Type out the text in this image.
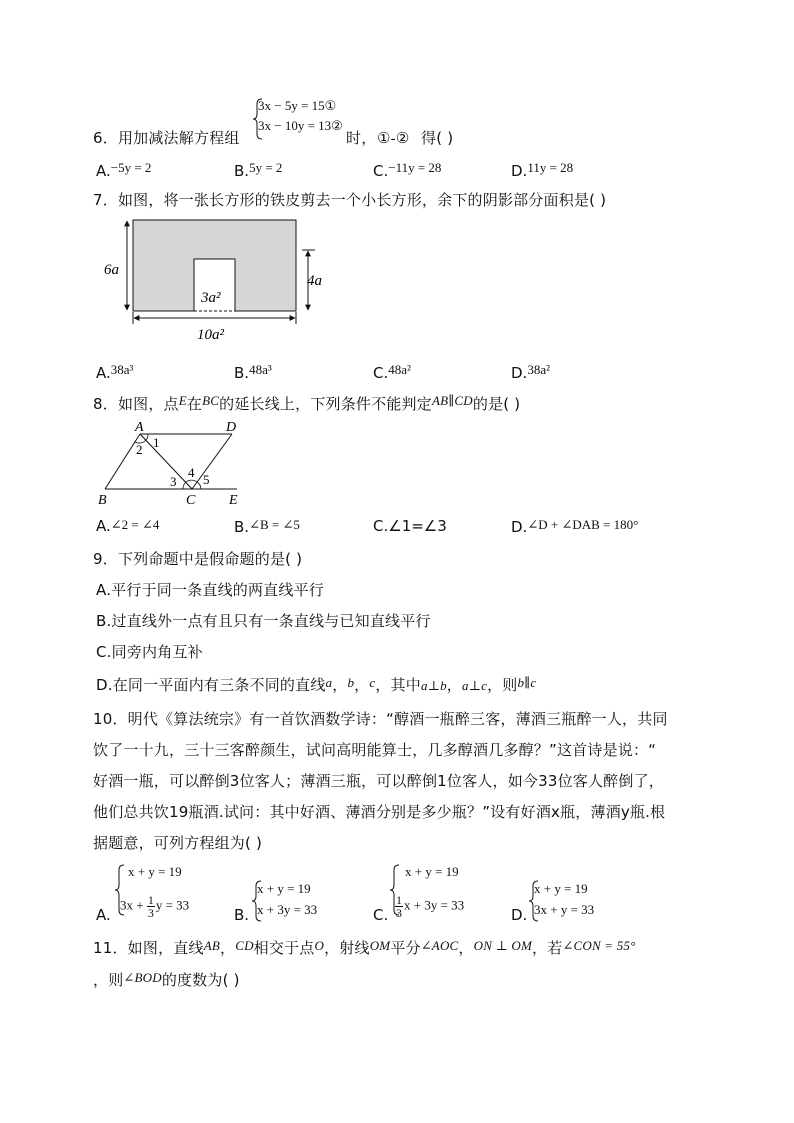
6．用加减法解方程组
3x − 5y = 15①
3x − 10y = 13②
时， ①-② 得( )
A.−5y = 2	B.5y = 2	C.−11y = 28	D.11y = 28
7．如图，将一张长方形的铁皮剪去一个小长方形，余下的阴影部分面积是( )
6a
4a
3a²
10a²
A.38a³	B.48a³	C.48a²	D.38a²
8．如图，点E在BC的延长线上，下列条件不能判定AB∥CD的是( )
A	D
B	C E
1
2
3
4 5
A.∠2 = ∠4	B.∠B = ∠5	C.∠1=∠3	D.∠D + ∠DAB = 180°
9．下列命题中是假命题的是( )
A.平行于同一条直线的两直线平行
B.过直线外一点有且只有一条直线与已知直线平行
C.同旁内角互补
D.在同一平面内有三条不同的直线a，b，c，其中a⊥b，a⊥c，则b∥c
10．明代《算法统宗》有一首饮酒数学诗：“醇酒一瓶醉三客，薄酒三瓶醉一人，共同
饮了一十九，三十三客醉颜生，试问高明能算士，几多醇酒几多醇？”这首诗是说：“
好酒一瓶，可以醉倒3位客人；薄酒三瓶，可以醉倒1位客人，如今33位客人醉倒了，
他们总共饮19瓶酒.试问：其中好酒、薄酒分别是多少瓶？”设有好酒x瓶，薄酒y瓶.根
据题意，可列方程组为( )
A.
x + y = 19
$3x + \frac{1}{3}$ y = 33
B.
x + y = 19
x + 3y = 33	C.
x + y = 19
$\frac{1}{3}$ x + 3y = 33
D.
x + y = 19
3x + y = 33
11．如图，直线AB，CD相交于点O，射线OM平分∠AOC，ON ⊥ OM，若∠CON = 55°
，则∠BOD的度数为( )
